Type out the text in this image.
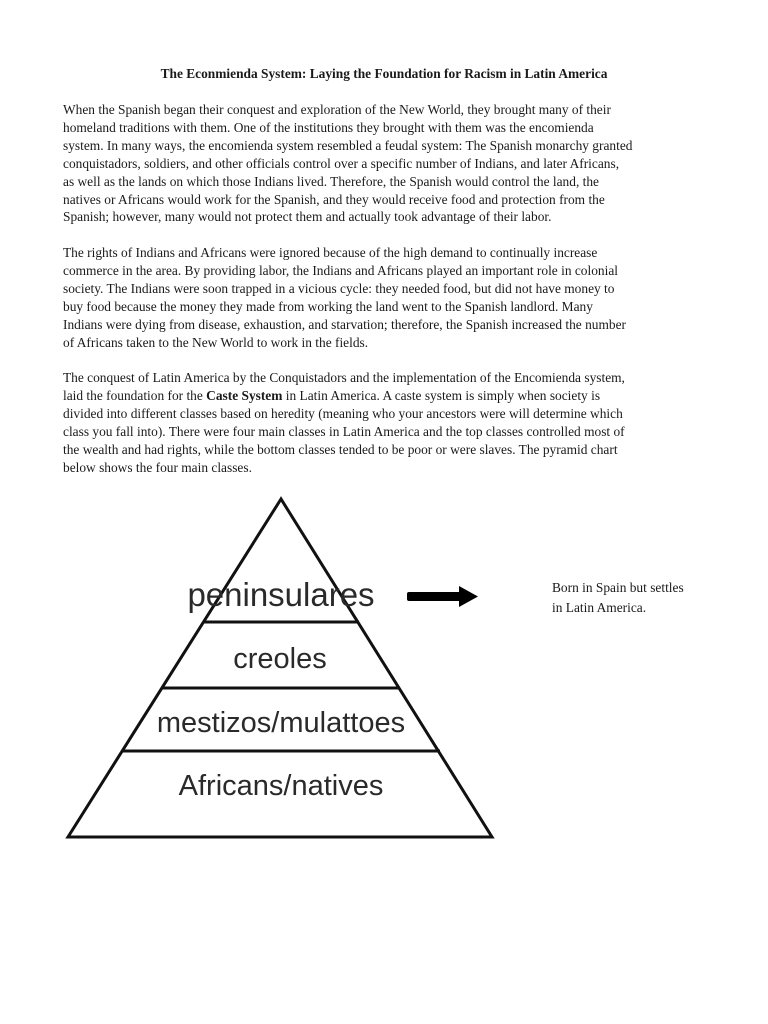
The Econmienda System: Laying the Foundation for Racism in Latin America

When the Spanish began their conquest and exploration of the New World, they brought many of their
homeland traditions with them. One of the institutions they brought with them was the encomienda
system. In many ways, the encomienda system resembled a feudal system: The Spanish monarchy granted
conquistadors, soldiers, and other officials control over a specific number of Indians, and later Africans,
as well as the lands on which those Indians lived. Therefore, the Spanish would control the land, the
natives or Africans would work for the Spanish, and they would receive food and protection from the
Spanish; however, many would not protect them and actually took advantage of their labor.

The rights of Indians and Africans were ignored because of the high demand to continually increase
commerce in the area. By providing labor, the Indians and Africans played an important role in colonial
society. The Indians were soon trapped in a vicious cycle: they needed food, but did not have money to
buy food because the money they made from working the land went to the Spanish landlord. Many
Indians were dying from disease, exhaustion, and starvation; therefore, the Spanish increased the number
of Africans taken to the New World to work in the fields.

The conquest of Latin America by the Conquistadors and the implementation of the Encomienda system,
laid the foundation for the Caste System in Latin America. A caste system is simply when society is
divided into different classes based on heredity (meaning who your ancestors were will determine which
class you fall into). There were four main classes in Latin America and the top classes controlled most of
the wealth and had rights, while the bottom classes tended to be poor or were slaves. The pyramid chart
below shows the four main classes.

peninsulares
creoles
mestizos/mulattoes
Africans/natives
Born in Spain but settles
in Latin America.
